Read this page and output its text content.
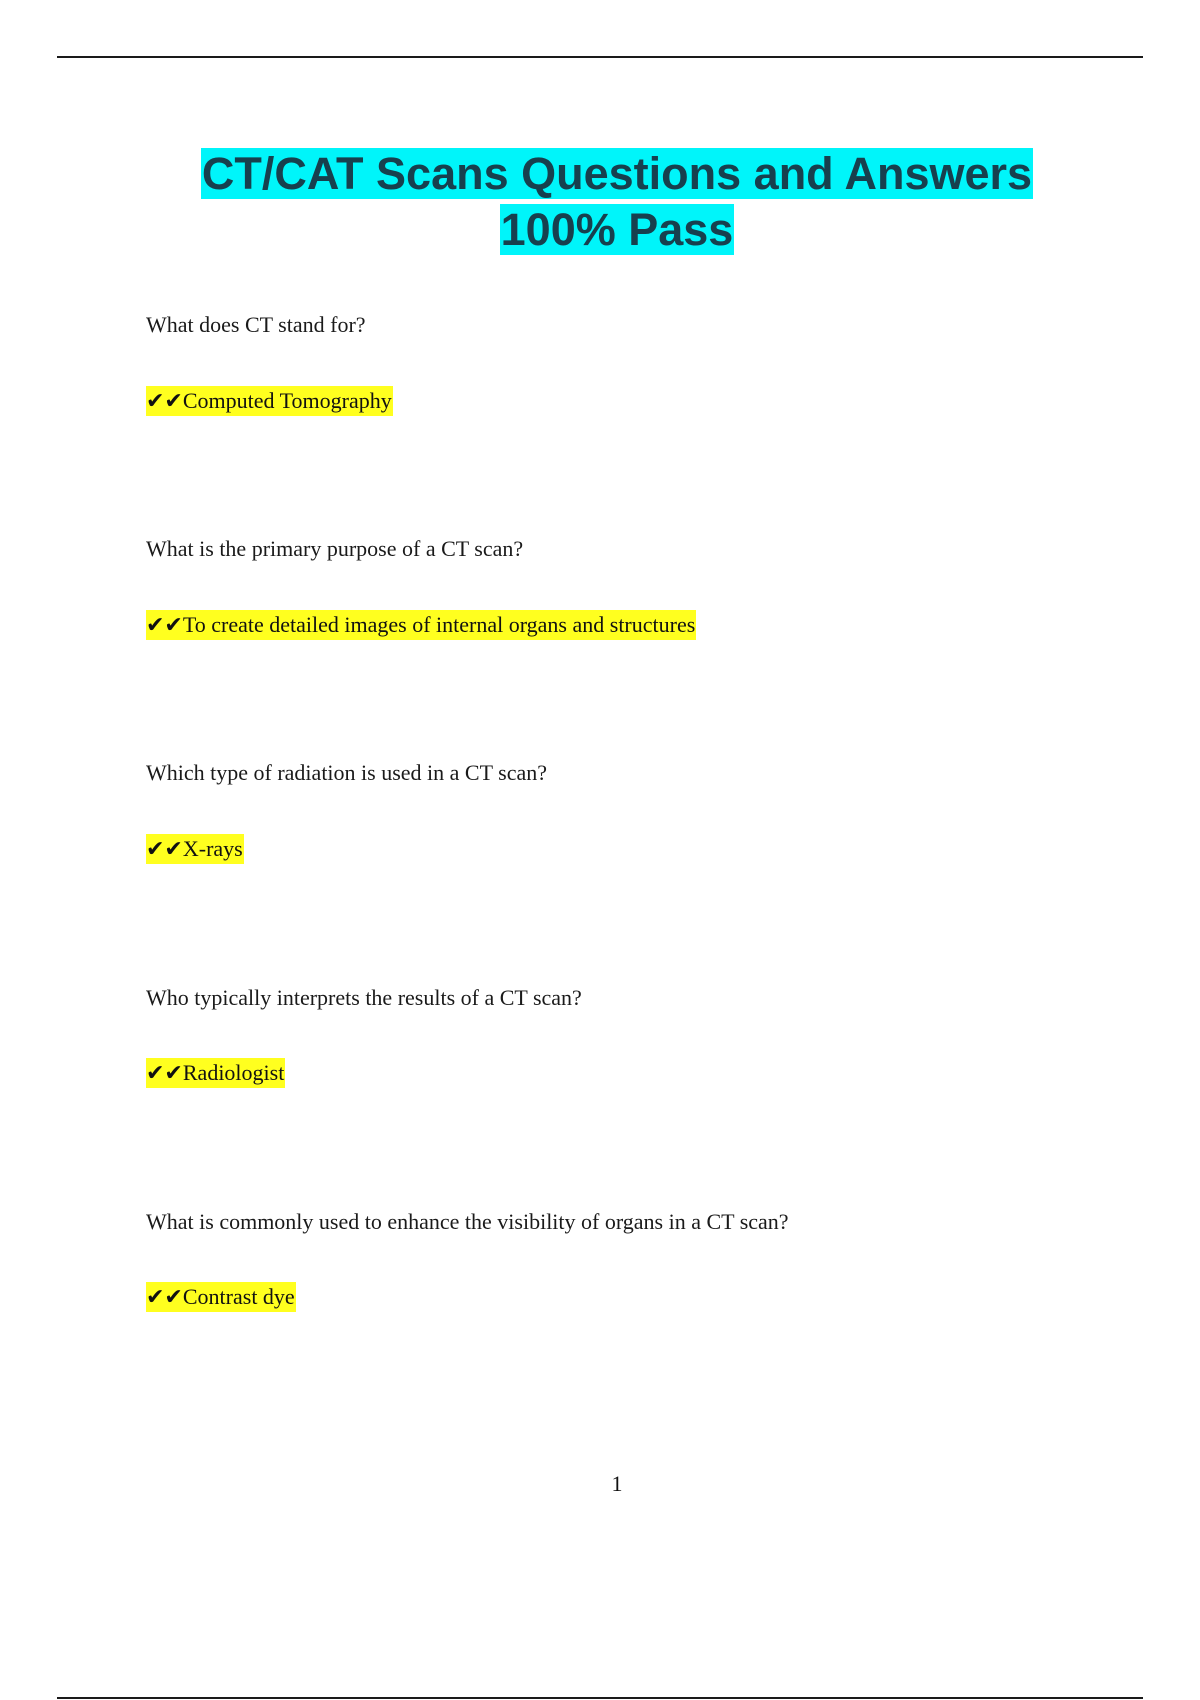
CT/CAT Scans Questions and Answers
100% Pass
What does CT stand for?
✔✔Computed Tomography
What is the primary purpose of a CT scan?
✔✔To create detailed images of internal organs and structures
Which type of radiation is used in a CT scan?
✔✔X-rays
Who typically interprets the results of a CT scan?
✔✔Radiologist
What is commonly used to enhance the visibility of organs in a CT scan?
✔✔Contrast dye
1
